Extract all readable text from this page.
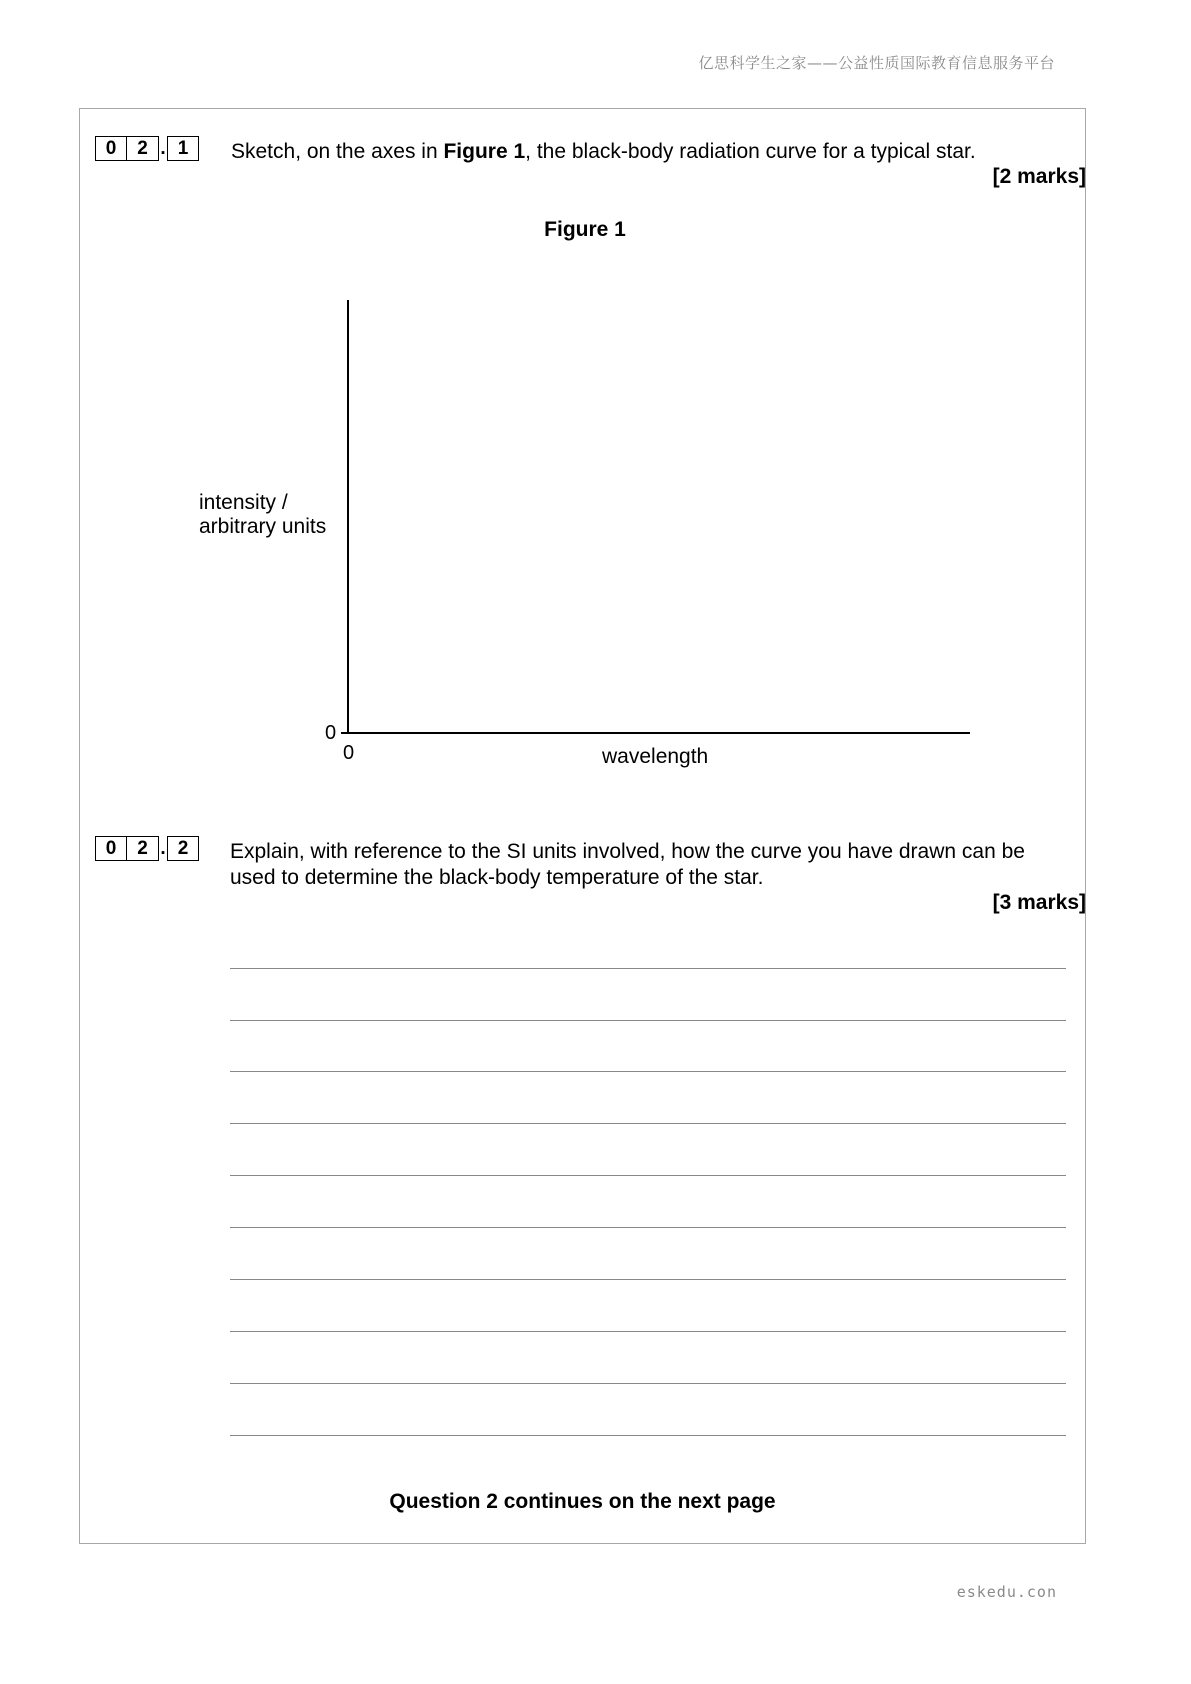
亿思科学生之家——公益性质国际教育信息服务平台
0	2 . 1	Sketch, on the axes in Figure 1, the black-body radiation curve for a typical star.
[2 marks]
Figure 1
intensity /
arbitrary units
0
0	wavelength
0	2 . 2	Explain, with reference to the SI units involved, how the curve you have drawn can be
used to determine the black-body temperature of the star.
[3 marks]
Question 2 continues on the next page
eskedu.con
